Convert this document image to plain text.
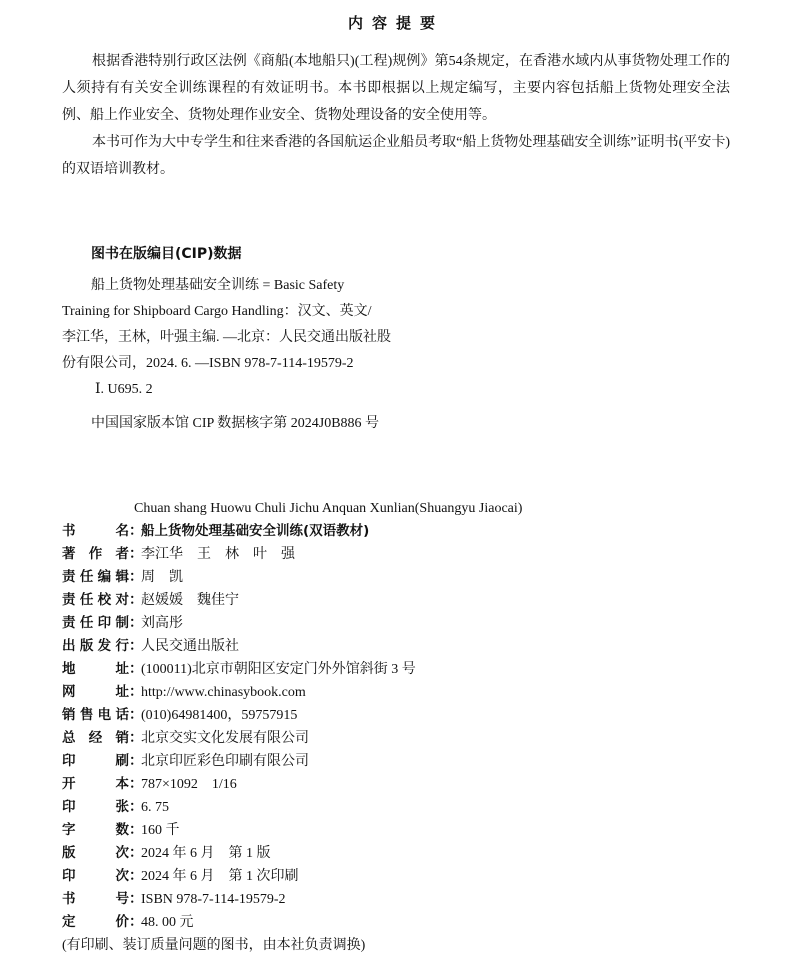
内容提要

根据香港特别行政区法例《商船(本地船只)(工程)规例》第54条规定，在香港水域内从事货物处理工作的人须持有有关安全训练课程的有效证明书。本书即根据以上规定编写，主要内容包括船上货物处理安全法例、船上作业安全、货物处理作业安全、货物处理设备的安全使用等。

本书可作为大中专学生和往来香港的各国航运企业船员考取“船上货物处理基础安全训练”证明书(平安卡)的双语培训教材。

图书在版编目(CIP)数据
船上货物处理基础安全训练 = Basic Safety
Training for Shipboard Cargo Handling：汉文、英文/
李江华，王林，叶强主编. —北京：人民交通出版社股
份有限公司，2024. 6. —ISBN 978-7-114-19579-2
Ⅰ. U695. 2
中国国家版本馆 CIP 数据核字第 2024J0B886 号
Chuan shang Huowu Chuli Jichu Anquan Xunlian(Shuangyu Jiaocai)
书名 ：
船上货物处理基础安全训练(双语教材)
著作者 ：
李江华　王　林　叶　强
责任编辑 ：
周　凯
责任校对 ：
赵媛媛　魏佳宁
责任印制 ：
刘高彤
出版发行 ：
人民交通出版社
地址 ：
(100011)北京市朝阳区安定门外外馆斜街 3 号
网址 ：
http://www.chinasybook.com
销售电话 ：
(010)64981400，59757915
总经销 ：
北京交实文化发展有限公司
印刷 ：
北京印匠彩色印刷有限公司
开本 ：
787×1092　1/16
印张 ：
6. 75
字数 ：
160 千
版次 ：
2024 年 6 月　第 1 版
印次 ：
2024 年 6 月　第 1 次印刷
书号 ：
ISBN 978-7-114-19579-2
定价 ：
48. 00 元
(有印刷、装订质量问题的图书，由本社负责调换)
